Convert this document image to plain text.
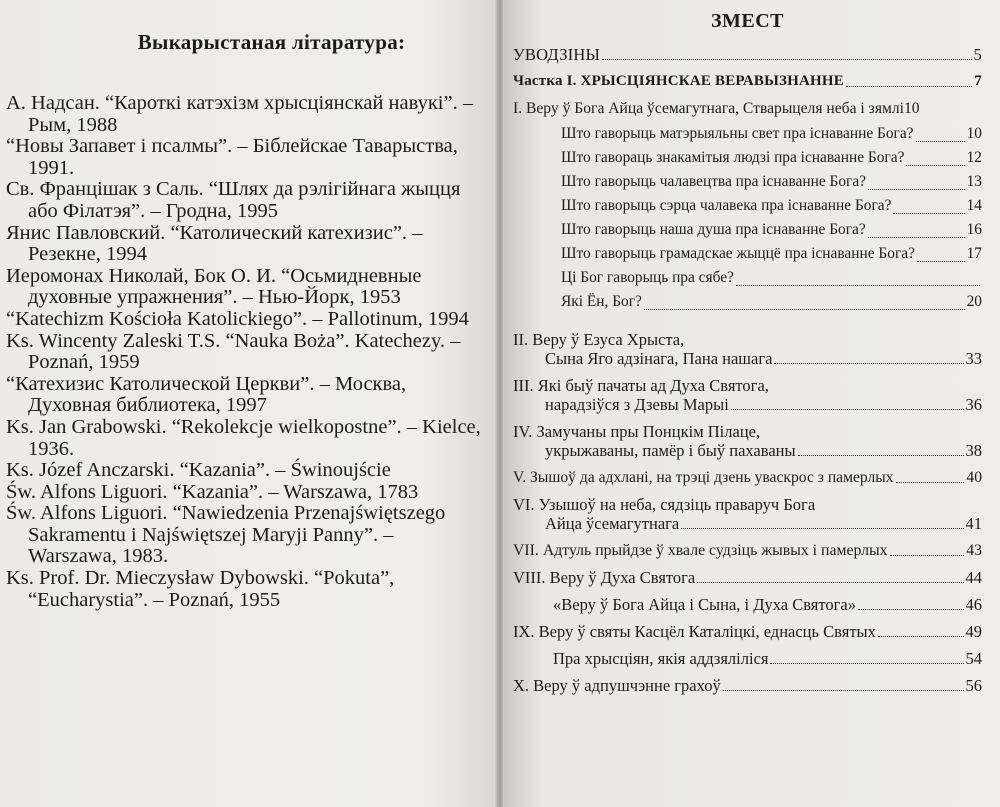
Выкарыстаная літаратура:
А. Надсан. “Кароткі катэхізм хрысціянскай навукі”. – Рым, 1988
“Новы Запавет і псалмы”. – Біблейскае Таварыства, 1991.
Св. Францішак з Саль. “Шлях да рэлігійнага жыцця або Філатэя”. – Гродна, 1995
Янис Павловский. “Католический катехизис”. – Резекне, 1994
Иеромонах Николай, Бок О. И. “Осьмидневные духовные упражнения”. – Нью-Йорк, 1953
“Katechizm Kościoła Katolickiego”. – Pallotinum, 1994
Ks. Wincenty Zaleski T.S. “Nauka Boża”. Katechezy. – Poznań, 1959
“Катехизис Католической Церкви”. – Москва, Духовная библиотека, 1997
Ks. Jan Grabowski. “Rekolekcje wielkopostne”. – Kielce, 1936.
Ks. Józef Anczarski. “Kazania”. – Świnoujście
Św. Alfons Liguori. “Kazania”. – Warszawa, 1783
Św. Alfons Liguori. “Nawiedzenia Przenajświętszego Sakramentu i Najświętszej Maryji Panny”. – Warszawa, 1983.
Ks. Prof. Dr. Mieczysław Dybowski. “Pokuta”, “Eucharystia”. – Poznań, 1955
ЗМЕСТ
УВОДЗІНЫ	5
Частка І. ХРЫСЦІЯНСКАЕ ВЕРАВЫЗНАННЕ	7
І. Веру ў Бога Айца ўсемагутнага, Стварыцеля неба і зямлі 10
Што гаворыць матэрыяльны свет пра існаванне Бога?	10
Што гавораць знакамітыя людзі пра існаванне Бога?	12
Што гаворыць чалавецтва пра існаванне Бога?	13
Што гаворыць сэрца чалавека пра існаванне Бога?	14
Што гаворыць наша душа пра існаванне Бога?	16
Што гаворыць грамадскае жыццё пра існаванне Бога?	17
Ці Бог гаворыць пра сябе?
Які Ён, Бог?	20
II. Веру ў Езуса Хрыста,
Сына Яго адзінага, Пана нашага	33
III. Які быў пачаты ад Духа Святога,
нарадзіўся з Дзевы Марыі	36
IV. Замучаны пры Понцкім Пілаце,
укрыжаваны, памёр і быў пахаваны	38
V. Зышоў да адхланi, на трэці дзень уваскрос з памерлых	40
VI. Узышоў на неба, сядзіць праваруч Бога
Айца ўсемагутнага	41
VII. Адтуль прыйдзе ў хвале судзіць жывых і памерлых	43
VIII. Веру ў Духа Святога	44
«Веру ў Бога Айца і Сына, і Духа Святога»	46
IX. Веру ў святы Касцёл Каталіцкі, еднасць Святых	49
Пра хрысціян, якія аддзяліліся	54
X. Веру ў адпушчэнне грахоў	56
